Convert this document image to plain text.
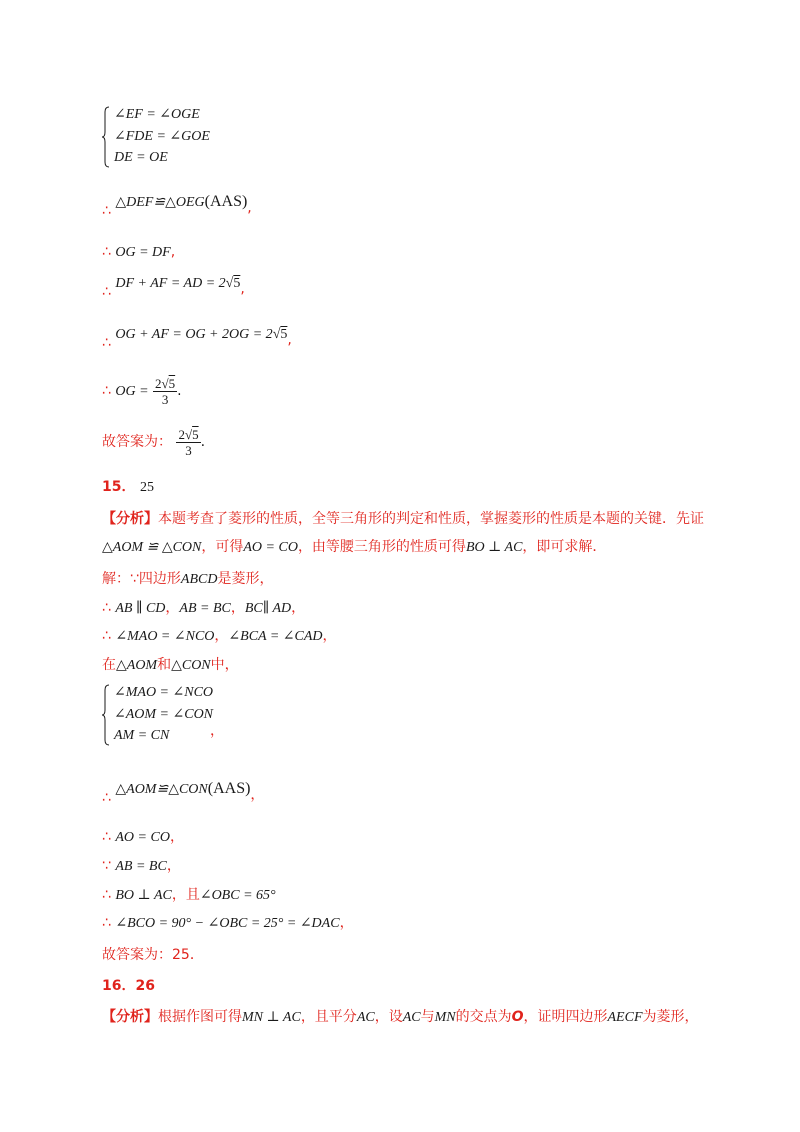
∠EF = ∠OGE
∠FDE = ∠GOE
DE = OE
∴ △DEF≌△OEG(AAS),
∴ OG = DF,
∴ DF + AF = AD = 2√5,
∴ OG + AF = OG + 2OG = 2√5,
∴ OG = $\frac{2√5}{3}$ .
故答案为： $\frac{2√5}{3}$ .
15． 25
【分析】本题考查了菱形的性质，全等三角形的判定和性质，掌握菱形的性质是本题的关键．先证
△AOM ≌ △CON，可得AO = CO，由等腰三角形的性质可得BO ⊥ AC，即可求解．
解：∵四边形ABCD是菱形，
∴ AB ∥ CD，AB = BC，BC∥ AD，
∴ ∠MAO = ∠NCO，∠BCA = ∠CAD，
在△AOM和△CON中，
∠MAO = ∠NCO
∠AOM = ∠CON
AM = CN	，
∴ △AOM≌△CON(AAS)，
∴ AO = CO，
∵ AB = BC，
∴ BO ⊥ AC，且∠OBC = 65°
∴ ∠BCO = 90° − ∠OBC = 25° = ∠DAC，
故答案为：25．
16．26
【分析】根据作图可得MN ⊥ AC，且平分AC，设AC与MN的交点为O，证明四边形AECF为菱形，
